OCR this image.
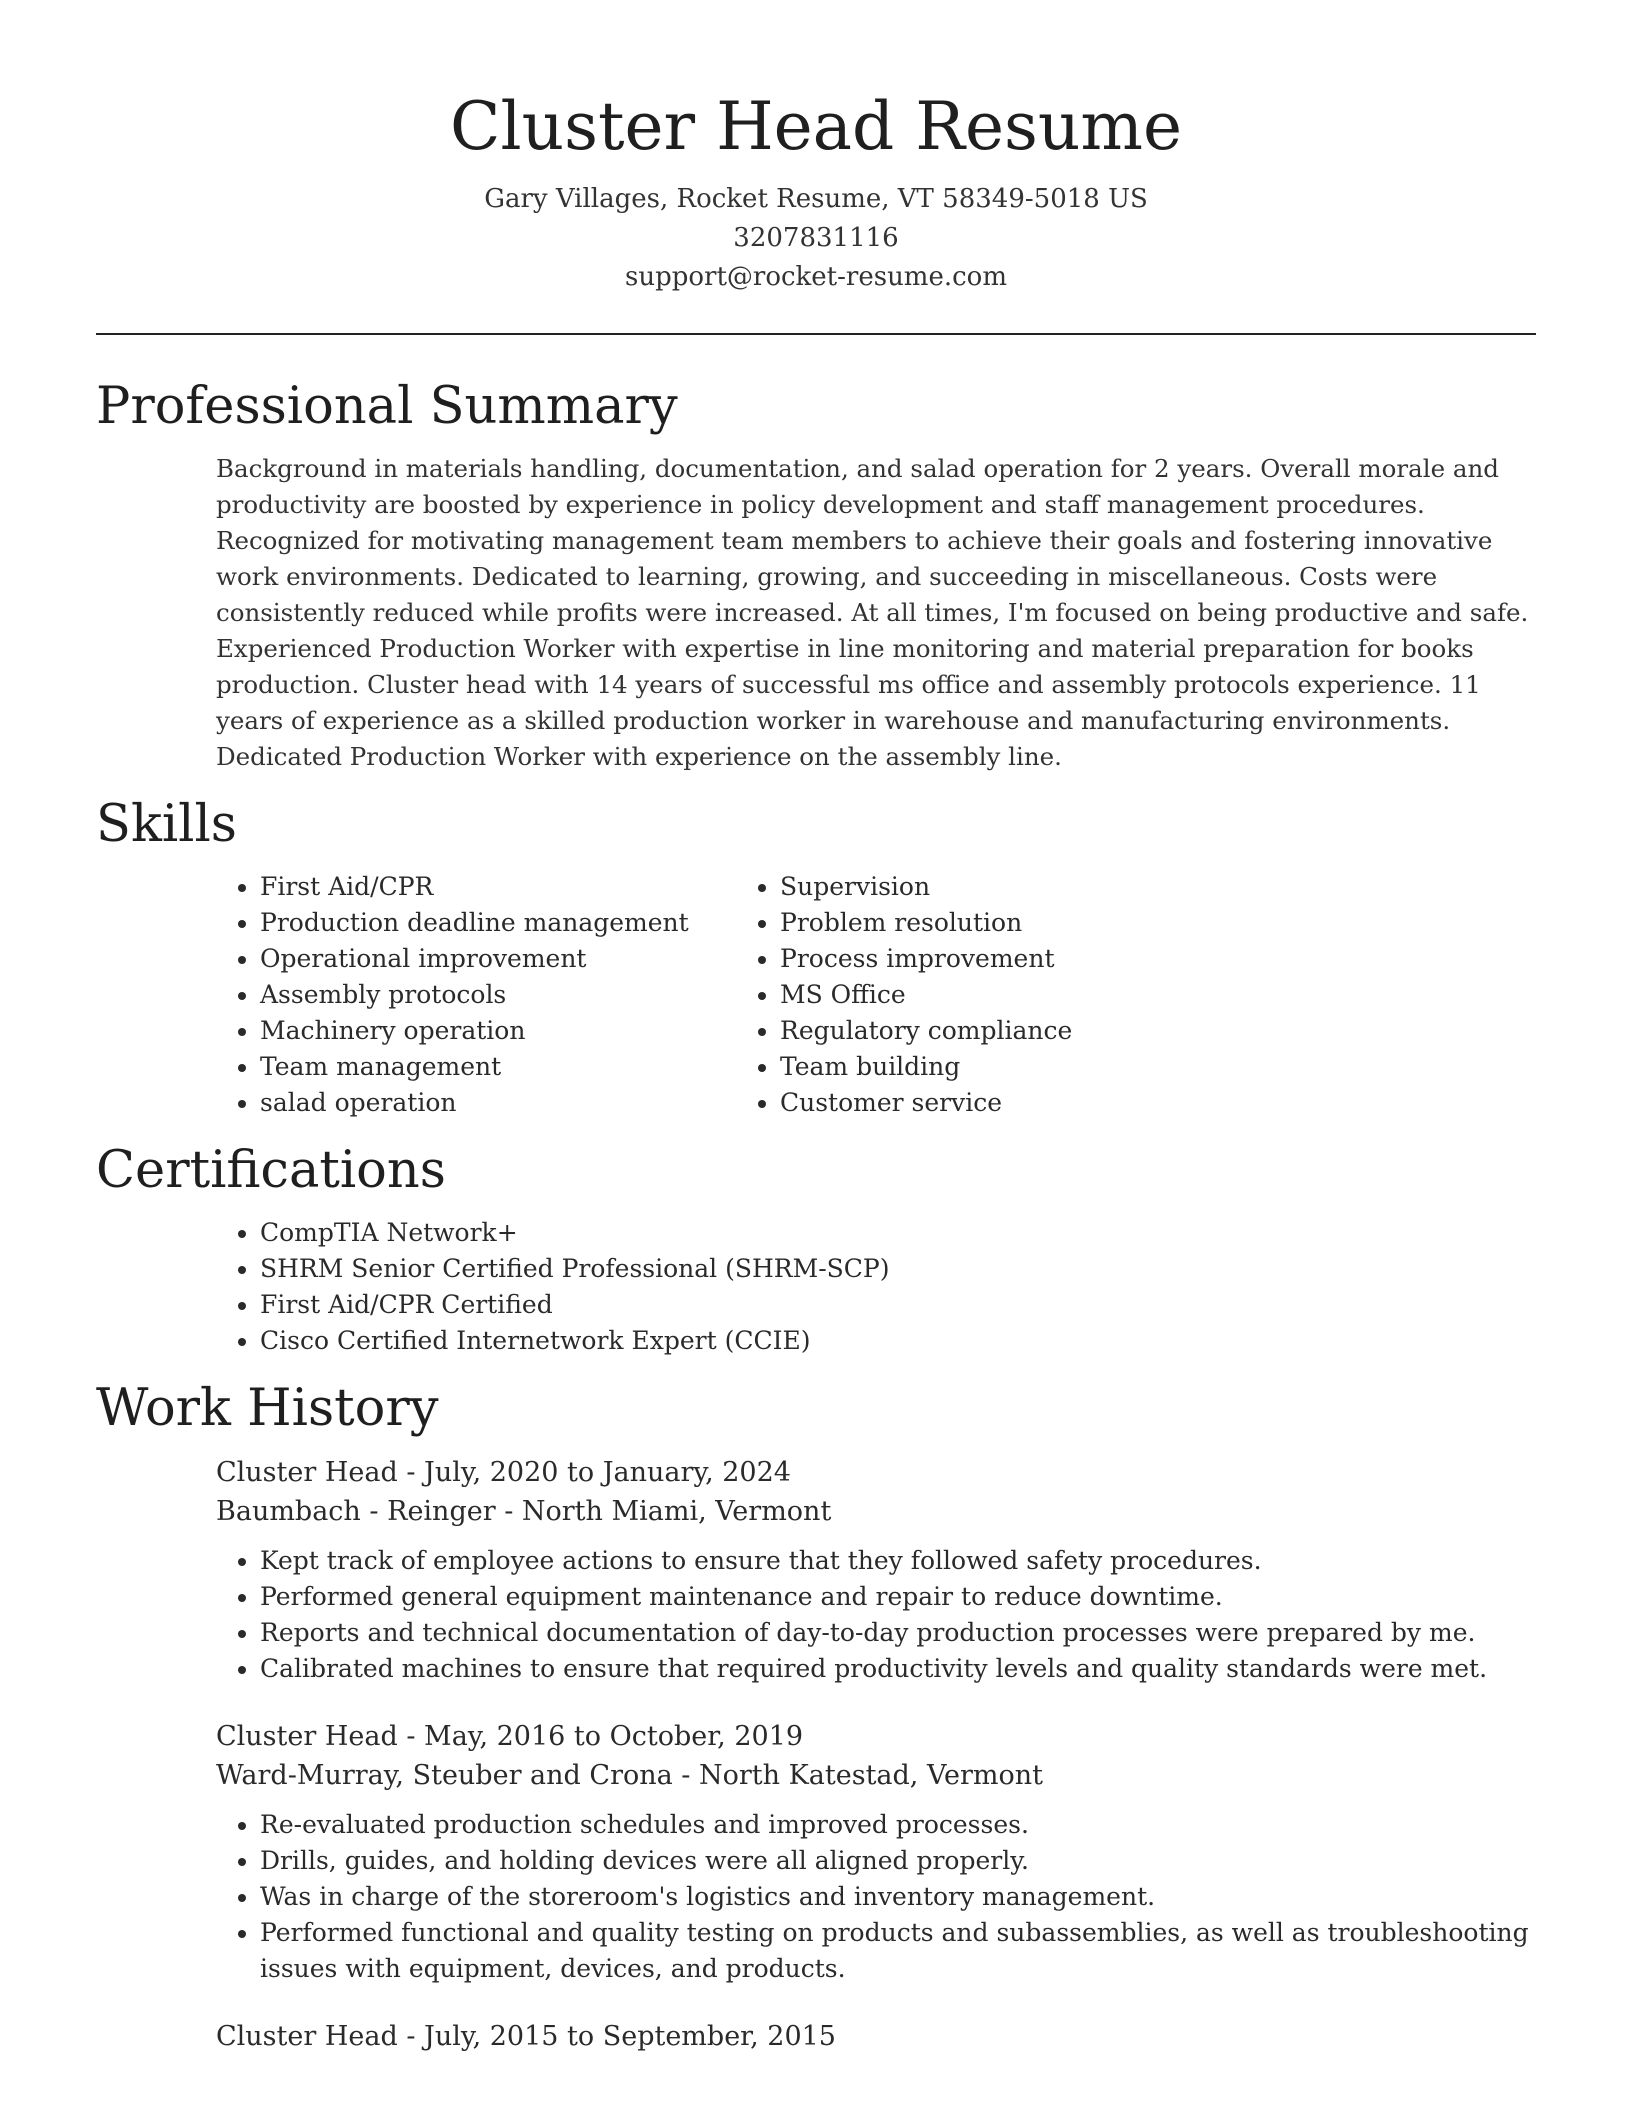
Cluster Head Resume
Gary Villages, Rocket Resume, VT 58349-5018 US
3207831116
support@rocket-resume.com
Professional Summary
Background in materials handling, documentation, and salad operation for 2 years. Overall morale and productivity are boosted by experience in policy development and staff management procedures. Recognized for motivating management team members to achieve their goals and fostering innovative work environments. Dedicated to learning, growing, and succeeding in miscellaneous. Costs were consistently reduced while profits were increased. At all times, I'm focused on being productive and safe. Experienced Production Worker with expertise in line monitoring and material preparation for books production. Cluster head with 14 years of successful ms office and assembly protocols experience. 11 years of experience as a skilled production worker in warehouse and manufacturing environments. Dedicated Production Worker with experience on the assembly line.
Skills
• First Aid/CPR
• Production deadline management
• Operational improvement
• Assembly protocols
• Machinery operation
• Team management
• salad operation
• Supervision
• Problem resolution
• Process improvement
• MS Office
• Regulatory compliance
• Team building
• Customer service
Certifications
• CompTIA Network+
• SHRM Senior Certified Professional (SHRM-SCP)
• First Aid/CPR Certified
• Cisco Certified Internetwork Expert (CCIE)
Work History
Cluster Head - July, 2020 to January, 2024
Baumbach - Reinger - North Miami, Vermont
• Kept track of employee actions to ensure that they followed safety procedures.
• Performed general equipment maintenance and repair to reduce downtime.
• Reports and technical documentation of day-to-day production processes were prepared by me.
• Calibrated machines to ensure that required productivity levels and quality standards were met.
Cluster Head - May, 2016 to October, 2019
Ward-Murray, Steuber and Crona - North Katestad, Vermont
• Re-evaluated production schedules and improved processes.
• Drills, guides, and holding devices were all aligned properly.
• Was in charge of the storeroom's logistics and inventory management.
• Performed functional and quality testing on products and subassemblies, as well as troubleshooting issues with equipment, devices, and products.
Cluster Head - July, 2015 to September, 2015
